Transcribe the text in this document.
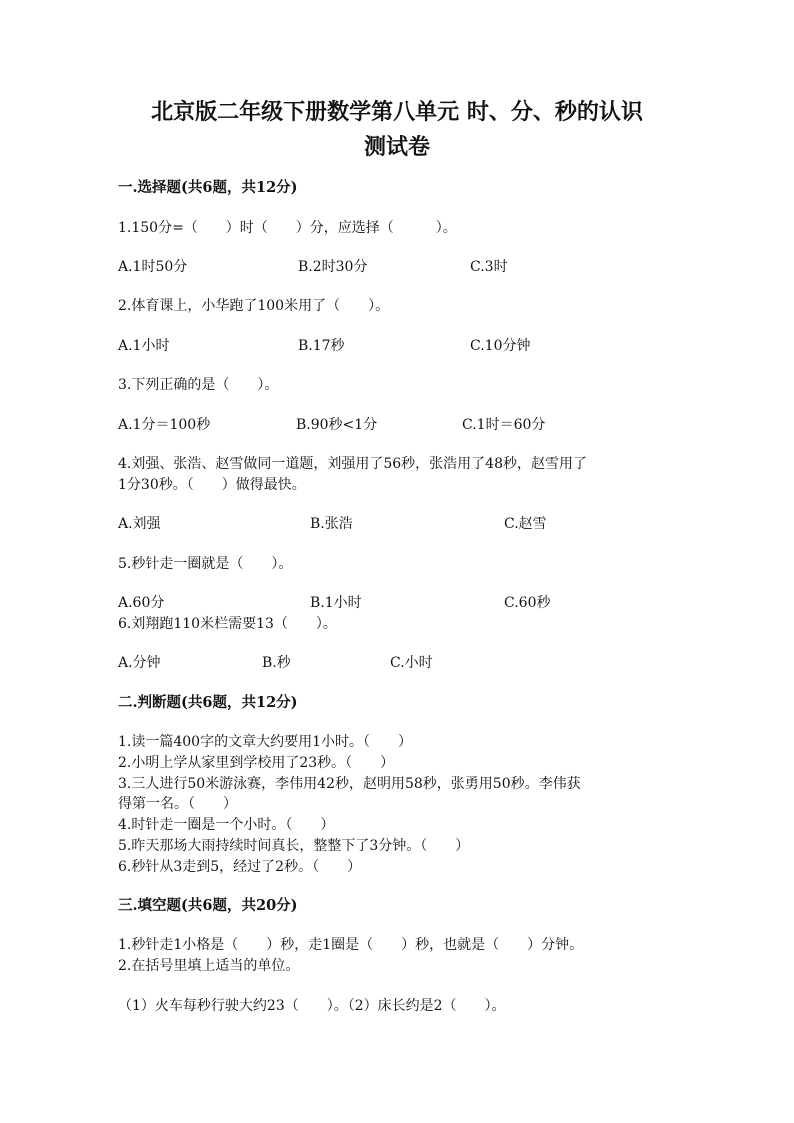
北京版二年级下册数学第八单元 时、分、秒的认识
测试卷
一.选择题(共6题，共12分)
1.150分=（　　）时（　　）分，应选择（　　　）。
A.1时50分	B.2时30分	C.3时
2.体育课上，小华跑了100米用了（　　）。
A.1小时	B.17秒	C.10分钟
3.下列正确的是（　　）。
A.1分＝100秒	B.90秒<1分	C.1时＝60分
4.刘强、张浩、赵雪做同一道题，刘强用了56秒，张浩用了48秒，赵雪用了
1分30秒。（　　）做得最快。
A.刘强	B.张浩	C.赵雪
5.秒针走一圈就是（　　）。
A.60分	B.1小时	C.60秒
6.刘翔跑110米栏需要13（　　）。
A.分钟	B.秒	C.小时
二.判断题(共6题，共12分)
1.读一篇400字的文章大约要用1小时。（　　）
2.小明上学从家里到学校用了23秒。（　　）
3.三人进行50米游泳赛，李伟用42秒，赵明用58秒，张勇用50秒。李伟获
得第一名。（　　）
4.时针走一圈是一个小时。（　　）
5.昨天那场大雨持续时间真长，整整下了3分钟。（　　）
6.秒针从3走到5，经过了2秒。（　　）
三.填空题(共6题，共20分)
1.秒针走1小格是（　　）秒，走1圈是（　　）秒，也就是（　　）分钟。
2.在括号里填上适当的单位。
（1）火车每秒行驶大约23（　　）。（2）床长约是2（　　）。
